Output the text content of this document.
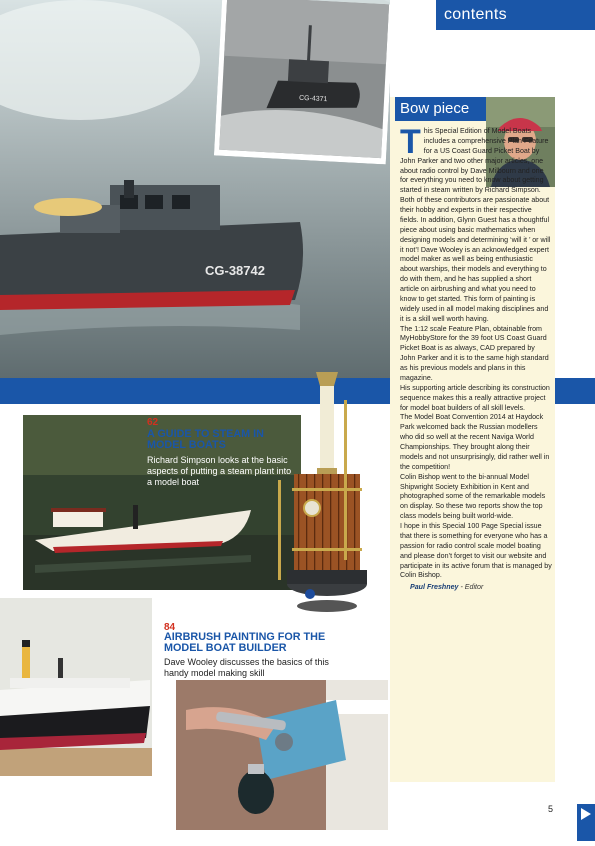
contents
CG-38742
CG-4371
Bow piece

This Special Edition of Model Boats includes a comprehensive Plan Feature for a US Coast Guard Picket Boat by John Parker and two other major articles, one about radio control by Dave Milbourn and one for everything you need to know about getting started in steam written by Richard Simpson. Both of these contributors are passionate about their hobby and experts in their respective fields. In addition, Glynn Guest has a thoughtful piece about using basic mathematics when designing models and determining ‘will it ’ or will it not’! Dave Wooley is an acknowledged expert model maker as well as being enthusiastic about warships, their models and everything to do with them, and he has supplied a short article on airbrushing and what you need to know to get started. This form of painting is widely used in all model making disciplines and it is a skill well worth having.

The 1:12 scale Feature Plan, obtainable from MyHobbyStore for the 39 foot US Coast Guard Picket Boat is as always, CAD prepared by John Parker and it is to the same high standard as his previous models and plans in this magazine.

His supporting article describing its construction sequence makes this a really attractive project for model boat builders of all skill levels.

The Model Boat Convention 2014 at Haydock Park welcomed back the Russian modellers who did so well at the recent Naviga World Championships. They brought along their models and not unsurprisingly, did rather well in the competition!

Colin Bishop went to the bi-annual Model Shipwright Society Exhibition in Kent and photographed some of the remarkable models on display. So these two reports show the top class models being built world-wide.

I hope in this Special 100 Page Special issue that there is something for everyone who has a passion for radio control scale model boating and please don’t forget to visit our website and participate in its active forum that is managed by Colin Bishop.

Paul Freshney - Editor

62
A GUIDE TO STEAM IN MODEL BOATS
Richard Simpson looks at the basic aspects of putting a steam plant into a model boat
84
AIRBRUSH PAINTING FOR THE MODEL BOAT BUILDER
Dave Wooley discusses the basics of this handy model making skill
5
